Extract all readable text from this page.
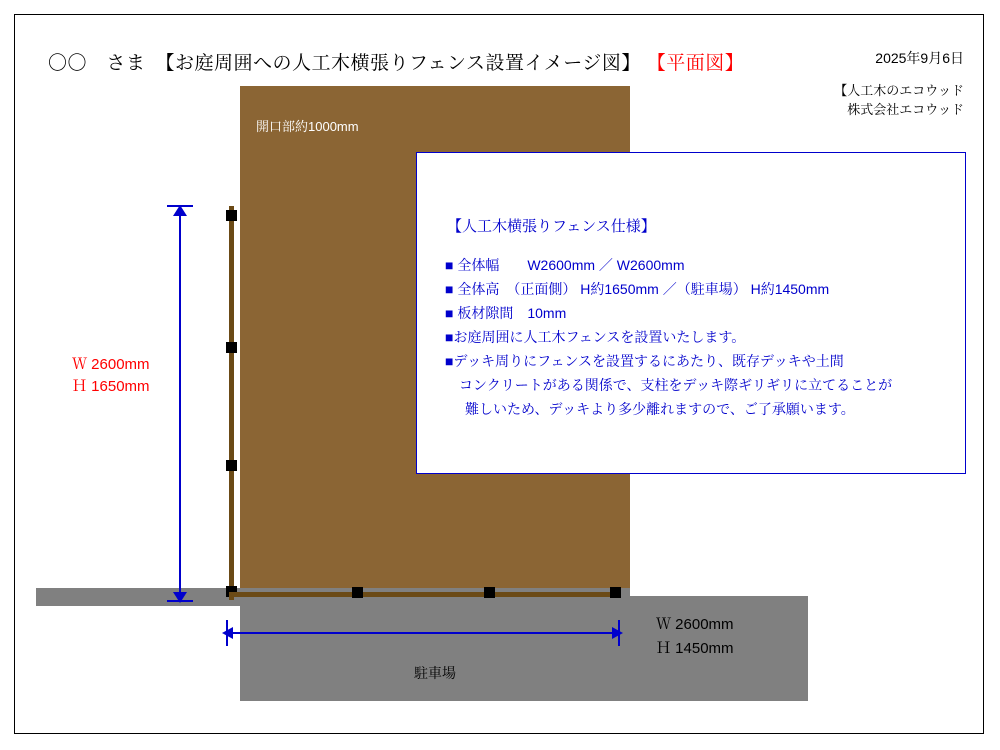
〇〇　さま　【お庭周囲への人工木横張りフェンス設置イメージ図】 【平面図】	2025年9月6日
【人工木のエコウッド
株式会社エコウッド
開口部約1000mm
駐車場
Ｗ 2600mm
Ｈ 1650mm
Ｗ 2600mm
Ｈ 1450mm
【人工木横張りフェンス仕様】
■ 全体幅　　W2600mm ／ W2600mm
■ 全体高　（正面側） H約1650mm ／（駐車場） H約1450mm
■ 板材隙間　10mm
■お庭周囲に人工木フェンスを設置いたします。
■デッキ周りにフェンスを設置するにあたり、既存デッキや土間
コンクリートがある関係で、支柱をデッキ際ギリギリに立てることが
難しいため、デッキより多少離れますので、ご了承願います。
